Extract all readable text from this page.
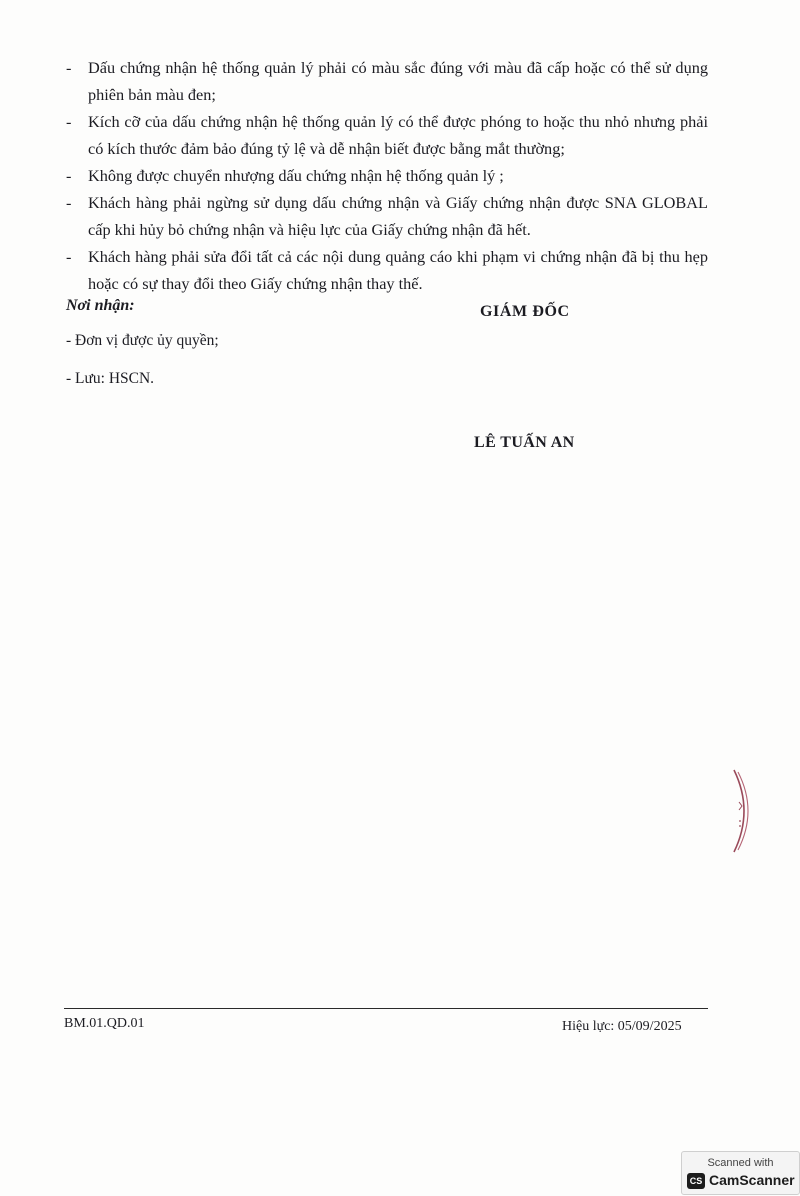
- Dấu chứng nhận hệ thống quản lý phải có màu sắc đúng với màu đã cấp hoặc có thể sử dụng phiên bản màu đen;
- Kích cỡ của dấu chứng nhận hệ thống quản lý có thể được phóng to hoặc thu nhỏ nhưng phải có kích thước đảm bảo đúng tỷ lệ và dễ nhận biết được bằng mắt thường;
- Không được chuyển nhượng dấu chứng nhận hệ thống quản lý ;
- Khách hàng phải ngừng sử dụng dấu chứng nhận và Giấy chứng nhận được SNA GLOBAL cấp khi hủy bỏ chứng nhận và hiệu lực của Giấy chứng nhận đã hết.
- Khách hàng phải sửa đổi tất cả các nội dung quảng cáo khi phạm vi chứng nhận đã bị thu hẹp hoặc có sự thay đổi theo Giấy chứng nhận thay thế.
Nơi nhận:
- Đơn vị được ủy quyền;
- Lưu: HSCN.
GIÁM ĐỐC
LÊ TUẤN AN
BM.01.QD.01	Hiệu lực: 05/09/2025
Scanned with
CS CamScanner
